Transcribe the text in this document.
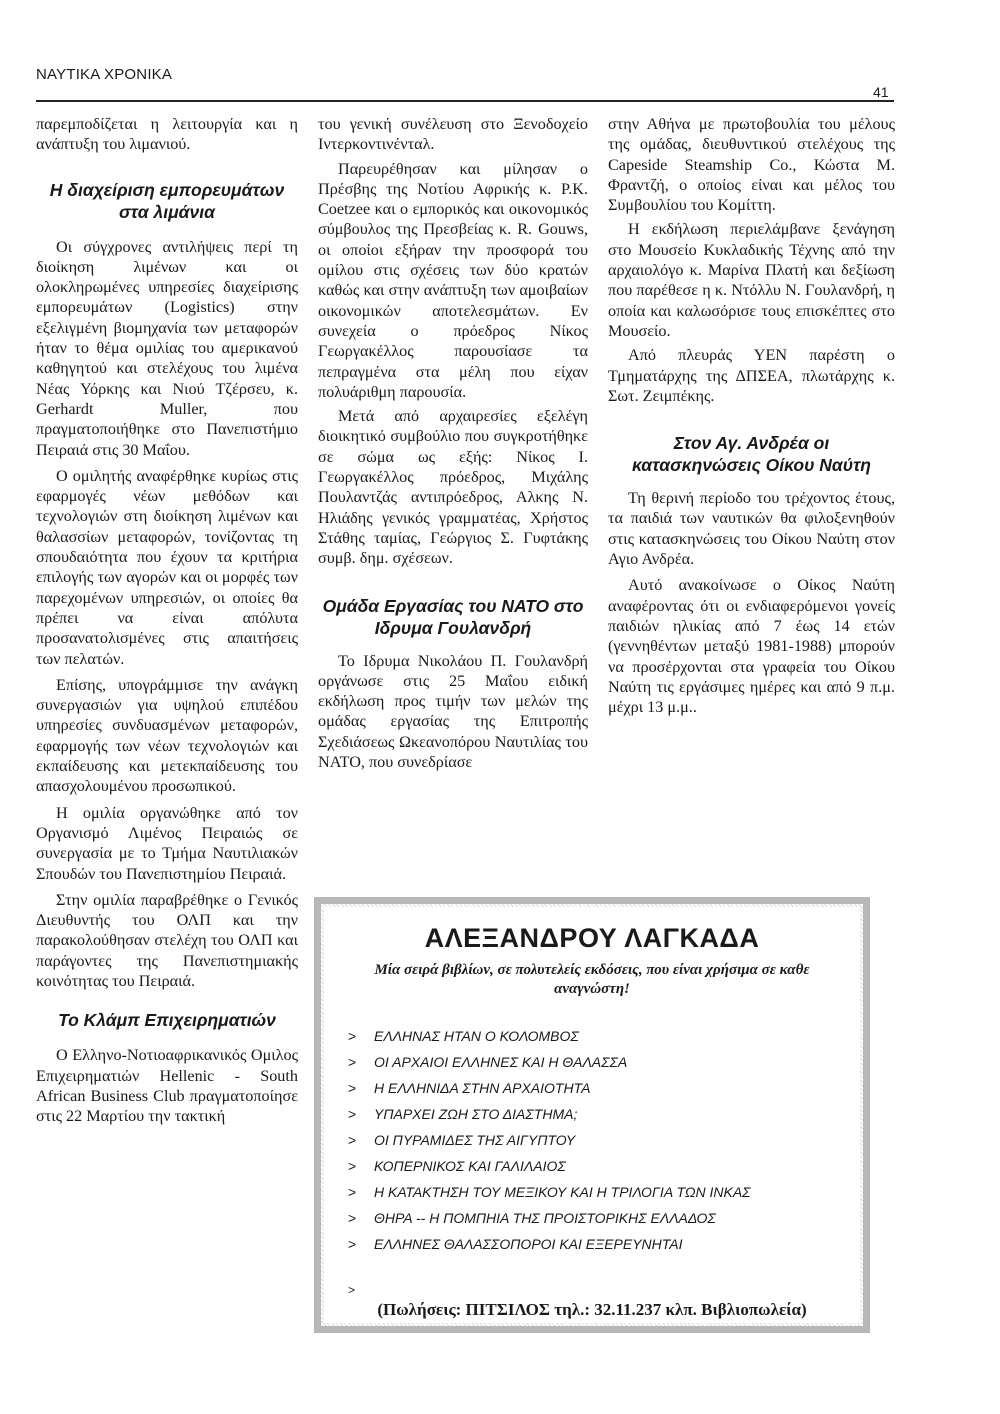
ΝΑΥΤΙΚΑ ΧΡΟΝΙΚΑ
41

παρεμποδίζεται η λειτουργία και η ανάπτυξη του λιμανιού.

Η διαχείριση εμπορευμάτων στα λιμάνια

Οι σύγχρονες αντιλήψεις περί τη διοίκηση λιμένων και οι ολοκληρωμένες υπηρεσίες διαχείρισης εμπορευμάτων (Logistics) στην εξελιγμένη βιομηχανία των μεταφορών ήταν το θέμα ομιλίας του αμερικανού καθηγητού και στελέχους του λιμένα Νέας Υόρκης και Νιού Τζέρσευ, κ. Gerhardt Muller, που πραγματοποιήθηκε στο Πανεπιστήμιο Πειραιά στις 30 Μαΐου.

Ο ομιλητής αναφέρθηκε κυρίως στις εφαρμογές νέων μεθόδων και τεχνολογιών στη διοίκηση λιμένων και θαλασσίων μεταφορών, τονίζοντας τη σπουδαιότητα που έχουν τα κριτήρια επιλογής των αγορών και οι μορφές των παρεχομένων υπηρεσιών, οι οποίες θα πρέπει να είναι απόλυτα προσανατολισμένες στις απαιτήσεις των πελατών.

Επίσης, υπογράμμισε την ανάγκη συνεργασιών για υψηλού επιπέδου υπηρεσίες συνδυασμένων μεταφορών, εφαρμογής των νέων τεχνολογιών και εκπαίδευσης και μετεκπαίδευσης του απασχολουμένου προσωπικού.

Η ομιλία οργανώθηκε από τον Οργανισμό Λιμένος Πειραιώς σε συνεργασία με το Τμήμα Ναυτιλιακών Σπουδών του Πανεπιστημίου Πειραιά.

Στην ομιλία παραβρέθηκε ο Γενικός Διευθυντής του ΟΛΠ και την παρακολούθησαν στελέχη του ΟΛΠ και παράγοντες της Πανεπιστημιακής κοινότητας του Πειραιά.

Το Κλάμπ Επιχειρηματιών

Ο Ελληνο-Νοτιοαφρικανικός Ομιλος Επιχειρηματιών Hellenic - South African Business Club πραγματοποίησε στις 22 Μαρτίου την τακτική

του γενική συνέλευση στο Ξενοδοχείο Ιντερκοντινένταλ.

Παρευρέθησαν και μίλησαν ο Πρέσβης της Νοτίου Αφρικής κ. P.K. Coetzee και ο εμπορικός και οικονομικός σύμβουλος της Πρεσβείας κ. R. Gouws, οι οποίοι εξήραν την προσφορά του ομίλου στις σχέσεις των δύο κρατών καθώς και στην ανάπτυξη των αμοιβαίων οικονομικών αποτελεσμάτων. Εν συνεχεία ο πρόεδρος Νίκος Γεωργακέλλος παρουσίασε τα πεπραγμένα στα μέλη που είχαν πολυάριθμη παρουσία.

Μετά από αρχαιρεσίες εξελέγη διοικητικό συμβούλιο που συγκροτήθηκε σε σώμα ως εξής: Νίκος Ι. Γεωργακέλλος πρόεδρος, Μιχάλης Πουλαντζάς αντιπρόεδρος, Αλκης Ν. Ηλιάδης γενικός γραμματέας, Χρήστος Στάθης ταμίας, Γεώργιος Σ. Γυφτάκης συμβ. δημ. σχέσεων.

Ομάδα Εργασίας του ΝΑΤΟ στο Ιδρυμα Γουλανδρή

Το Ιδρυμα Νικολάου Π. Γουλανδρή οργάνωσε στις 25 Μαΐου ειδική εκδήλωση προς τιμήν των μελών της ομάδας εργασίας της Επιτροπής Σχεδιάσεως Ωκεανοπόρου Ναυτιλίας του ΝΑΤΟ, που συνεδρίασε

στην Αθήνα με πρωτοβουλία του μέλους της ομάδας, διευθυντικού στελέχους της Capeside Steamship Co., Κώστα Μ. Φραντζή, ο οποίος είναι και μέλος του Συμβουλίου του Κομίττη.

Η εκδήλωση περιελάμβανε ξενάγηση στο Μουσείο Κυκλαδικής Τέχνης από την αρχαιολόγο κ. Μαρίνα Πλατή και δεξίωση που παρέθεσε η κ. Ντόλλυ Ν. Γουλανδρή, η οποία και καλωσόρισε τους επισκέπτες στο Μουσείο.

Από πλευράς ΥΕΝ παρέστη ο Τμηματάρχης της ΔΠΣΕΑ, πλωτάρχης κ. Σωτ. Ζειμπέκης.

Στον Αγ. Ανδρέα οι κατασκηνώσεις Οίκου Ναύτη

Τη θερινή περίοδο του τρέχοντος έτους, τα παιδιά των ναυτικών θα φιλοξενηθούν στις κατασκηνώσεις του Οίκου Ναύτη στον Αγιο Ανδρέα.

Αυτό ανακοίνωσε ο Οίκος Ναύτη αναφέροντας ότι οι ενδιαφερόμενοι γονείς παιδιών ηλικίας από 7 έως 14 ετών (γεννηθέντων μεταξύ 1981-1988) μπορούν να προσέρχονται στα γραφεία του Οίκου Ναύτη τις εργάσιμες ημέρες και από 9 π.μ. μέχρι 13 μ.μ..

ΑΛΕΞΑΝΔΡΟΥ ΛΑΓΚΑΔΑ
Μία σειρά βιβλίων, σε πολυτελείς εκδόσεις, που είναι χρήσιμα σε καθε αναγνώστη!
> ΕΛΛΗΝΑΣ ΗΤΑΝ Ο ΚΟΛΟΜΒΟΣ
> ΟΙ ΑΡΧΑΙΟΙ ΕΛΛΗΝΕΣ ΚΑΙ Η ΘΑΛΑΣΣΑ
> Η ΕΛΛΗΝΙΔΑ ΣΤΗΝ ΑΡΧΑΙΟΤΗΤΑ
> ΥΠΑΡΧΕΙ ΖΩΗ ΣΤΟ ΔΙΑΣΤΗΜΑ;
> ΟΙ ΠΥΡΑΜΙΔΕΣ ΤΗΣ ΑΙΓΥΠΤΟΥ
> ΚΟΠΕΡΝΙΚΟΣ ΚΑΙ ΓΑΛΙΛΑΙΟΣ
> Η ΚΑΤΑΚΤΗΣΗ ΤΟΥ ΜΕΞΙΚΟΥ ΚΑΙ Η ΤΡΙΛΟΓΙΑ ΤΩΝ ΙΝΚΑΣ
> ΘΗΡΑ -- Η ΠΟΜΠΗΙΑ ΤΗΣ ΠΡΟΙΣΤΟΡΙΚΗΣ ΕΛΛΑΔΟΣ
> ΕΛΛΗΝΕΣ ΘΑΛΑΣΣΟΠΟΡΟΙ ΚΑΙ ΕΞΕΡΕΥΝΗΤΑΙ
>
(Πωλήσεις: ΠΙΤΣΙΛΟΣ τηλ.: 32.11.237 κλπ. Βιβλιοπωλεία)
